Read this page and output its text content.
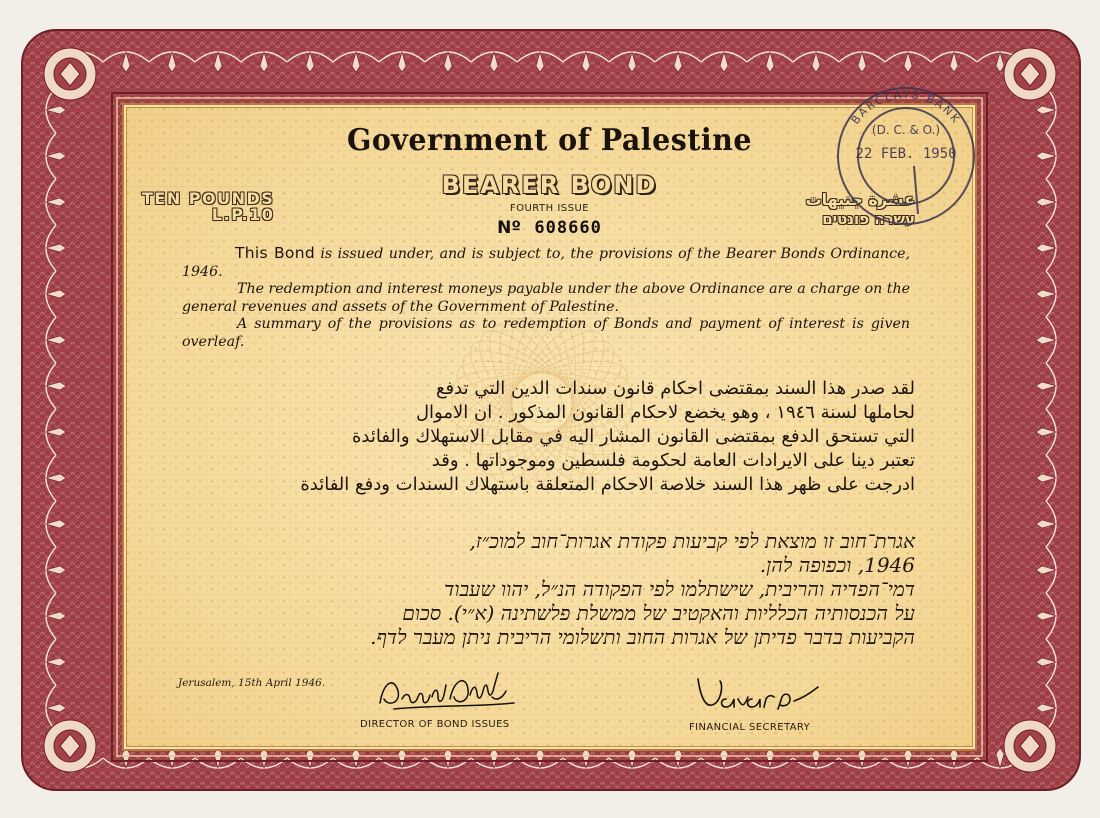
Government of Palestine
BEARER BOND
FOURTH ISSUE
Nº 608660
TEN POUNDS
L.P.10
عشرة جنيهات
עשרה פונטים

This Bond is issued under, and is subject to, the provisions of the Bearer Bonds Ordinance, 1946.

The redemption and interest moneys payable under the above Ordinance are a charge on the general revenues and assets of the Government of Palestine.

A summary of the provisions as to redemption of Bonds and payment of interest is given overleaf.

لقد صدر هذا السند بمقتضى احكام قانون سندات الدين التي تدفع

لحاملها لسنة ١٩٤٦ ، وهو يخضع لاحكام القانون المذكور . ان الاموال

التي تستحق الدفع بمقتضى القانون المشار اليه في مقابل الاستهلاك والفائدة

تعتبر دينا على الايرادات العامة لحكومة فلسطين وموجوداتها . وقد

ادرجت على ظهر هذا السند خلاصة الاحكام المتعلقة باستهلاك السندات ودفع الفائدة

אגרת־חוב זו מוצאת לפי קביעות פקודת אגרות־חוב למוכ״ז,

1946, וכפופה להן.

דמי־הפדיה והריבית, שישתלמו לפי הפקודה הנ״ל, יהוו שעבוד

על הכנסותיה הכלליות והאקטיב של ממשלת פלשתינה (א״י). סכום

הקביעות בדבר פדיתן של אגרות החוב ותשלומי הריבית ניתן מעבר לדף.

Jerusalem, 15th April 1946.
DIRECTOR OF BOND ISSUES	FINANCIAL SECRETARY
BARCLAYS BANK
(D. C. & O.)
22 FEB. 1950
